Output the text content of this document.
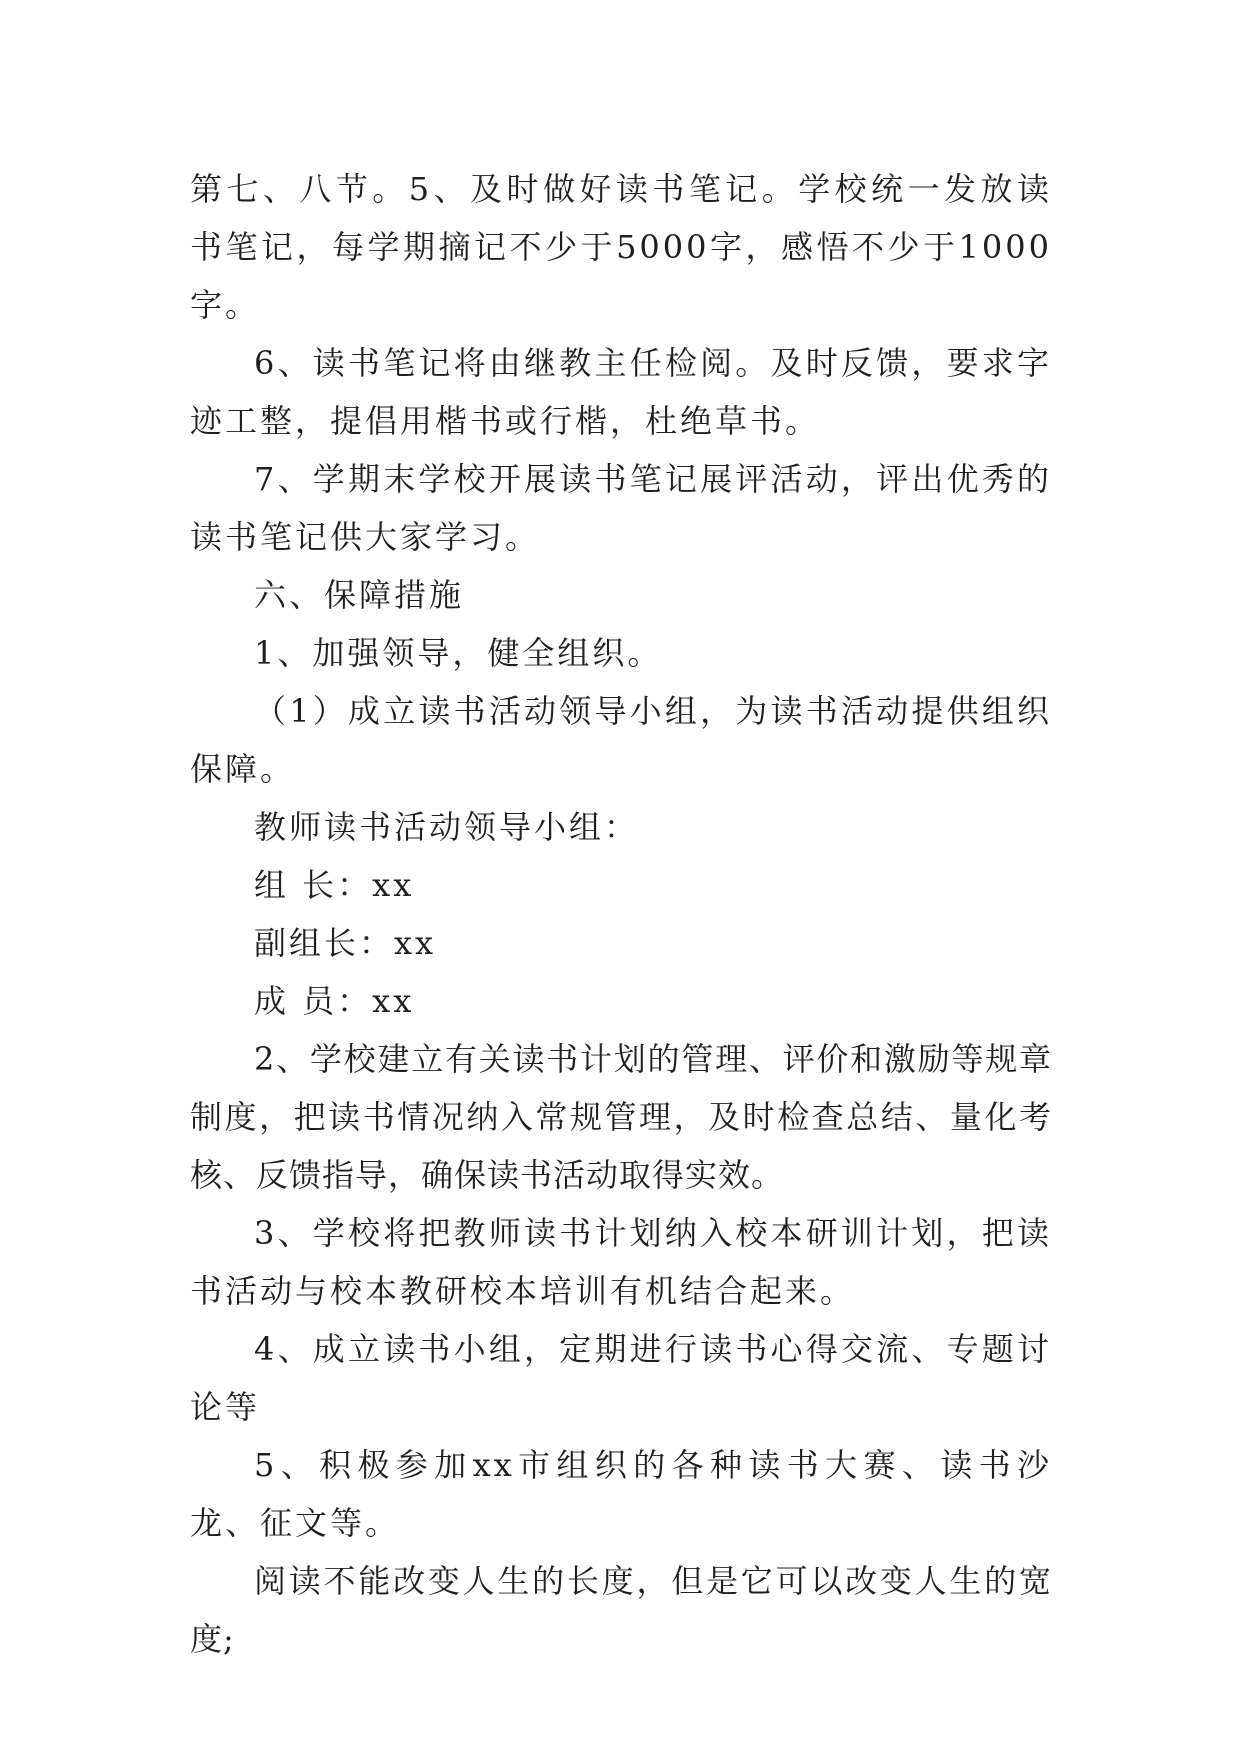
第七、八节。5、及时做好读书笔记。学校统一发放读书笔记，每学期摘记不少于5000字，感悟不少于1000字。

6、读书笔记将由继教主任检阅。及时反馈，要求字迹工整，提倡用楷书或行楷，杜绝草书。

7、学期末学校开展读书笔记展评活动，评出优秀的读书笔记供大家学习。

六、保障措施

1、加强领导，健全组织。

（1）成立读书活动领导小组，为读书活动提供组织保障。

教师读书活动领导小组：

组 长：xx

副组长：xx

成 员：xx

2、学校建立有关读书计划的管理、评价和激励等规章制度，把读书情况纳入常规管理，及时检查总结、量化考核、反馈指导，确保读书活动取得实效。

3、学校将把教师读书计划纳入校本研训计划，把读书活动与校本教研校本培训有机结合起来。

4、成立读书小组，定期进行读书心得交流、专题讨论等

5、积极参加xx市组织的各种读书大赛、读书沙龙、征文等。

阅读不能改变人生的长度，但是它可以改变人生的宽度;
